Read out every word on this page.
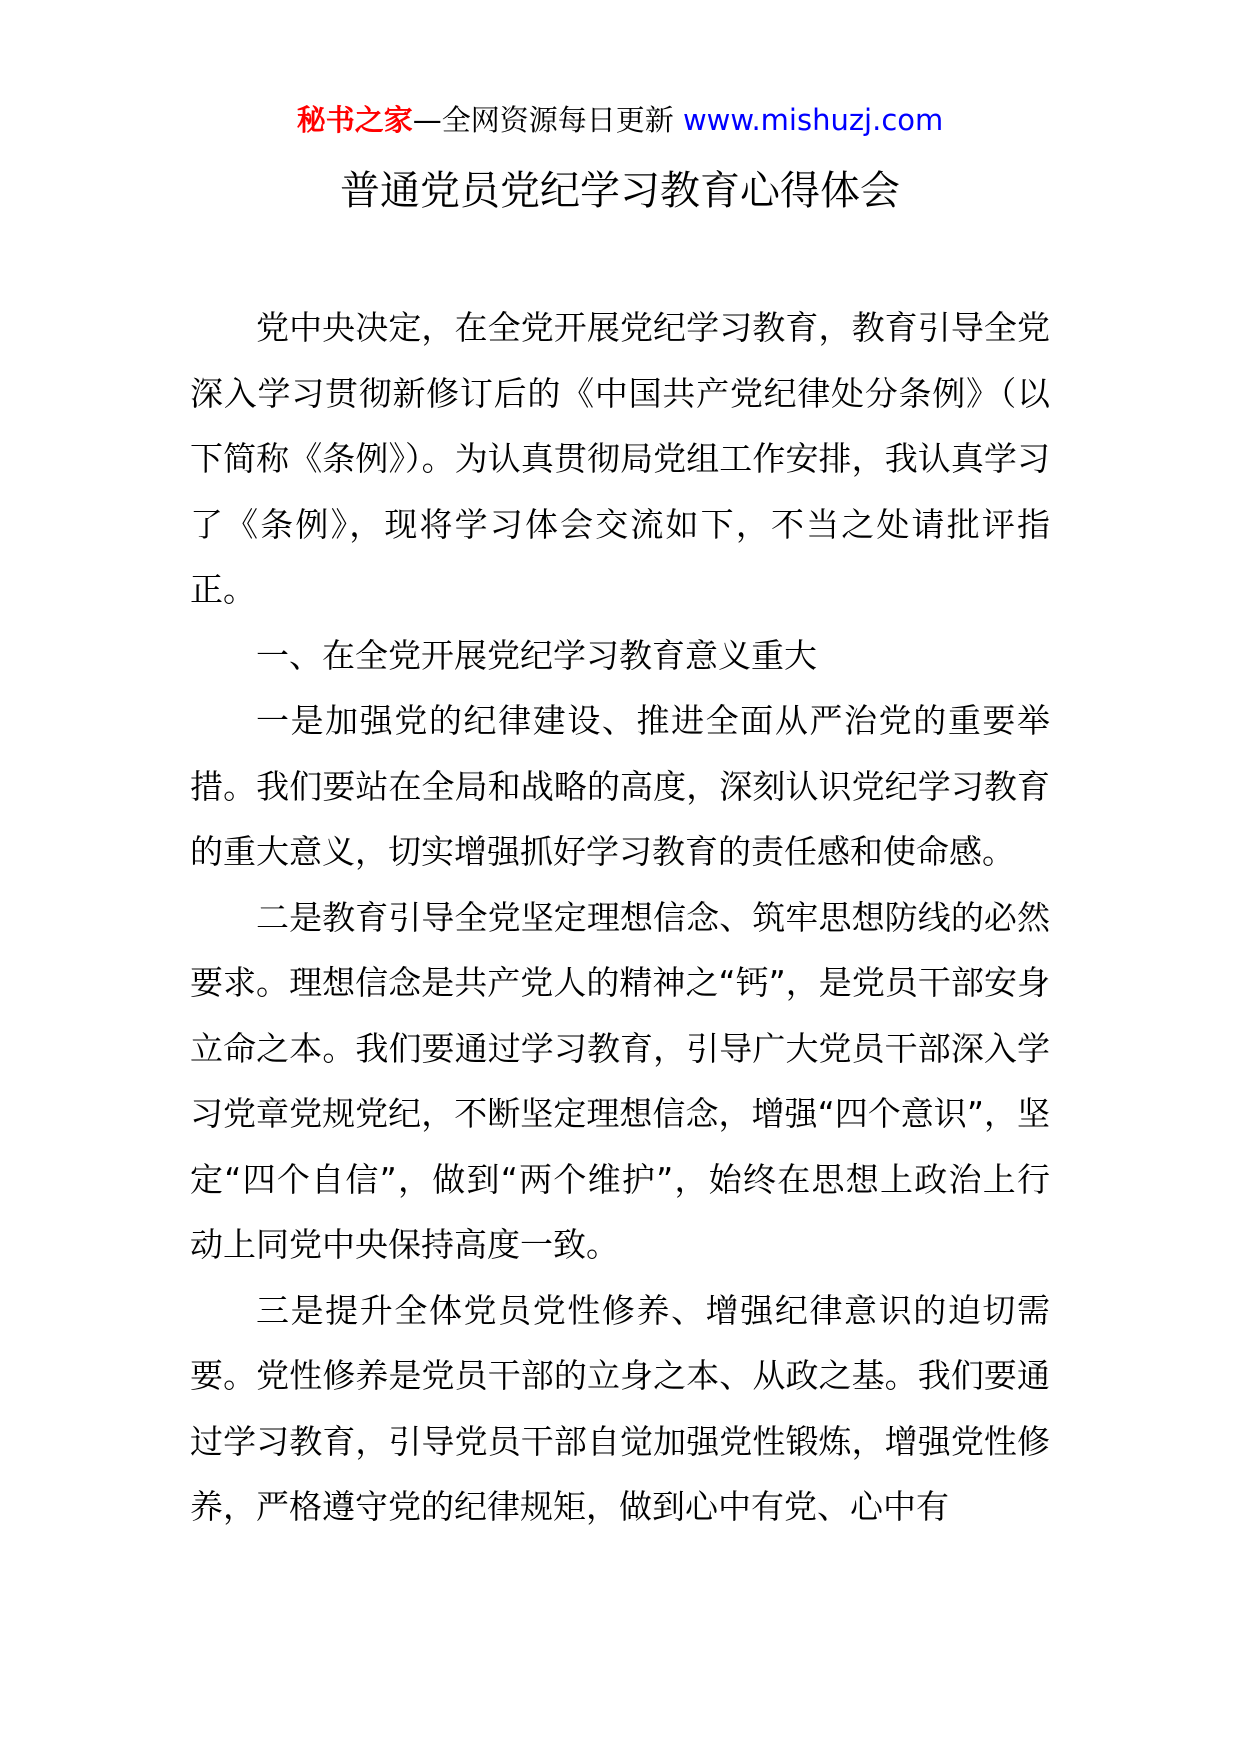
秘书之家—全网资源每日更新 www.mishuzj.com
普通党员党纪学习教育心得体会

党中央决定，在全党开展党纪学习教育，教育引导全党深入学习贯彻新修订后的《中国共产党纪律处分条例》（以下简称《条例》）。为认真贯彻局党组工作安排，我认真学习了《条例》，现将学习体会交流如下，不当之处请批评指正。

一、在全党开展党纪学习教育意义重大

一是加强党的纪律建设、推进全面从严治党的重要举措。我们要站在全局和战略的高度，深刻认识党纪学习教育的重大意义，切实增强抓好学习教育的责任感和使命感。

二是教育引导全党坚定理想信念、筑牢思想防线的必然要求。理想信念是共产党人的精神之“钙”，是党员干部安身立命之本。我们要通过学习教育，引导广大党员干部深入学习党章党规党纪，不断坚定理想信念，增强“四个意识”，坚定“四个自信”，做到“两个维护”，始终在思想上政治上行动上同党中央保持高度一致。

三是提升全体党员党性修养、增强纪律意识的迫切需要。党性修养是党员干部的立身之本、从政之基。我们要通过学习教育，引导党员干部自觉加强党性锻炼，增强党性修养，严格遵守党的纪律规矩，做到心中有党、心中有
